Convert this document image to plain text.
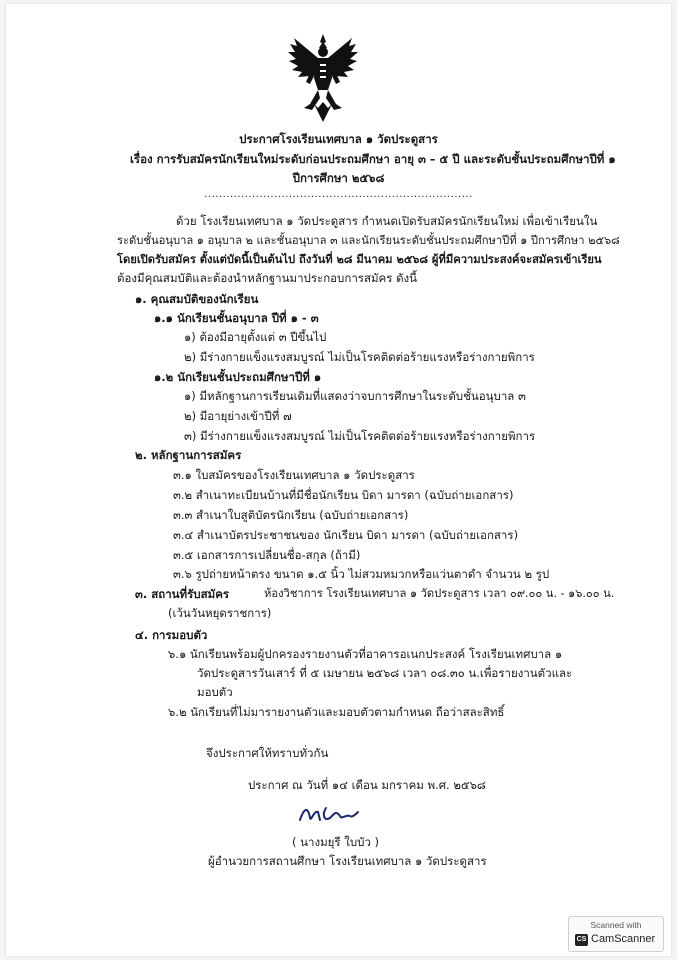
ประกาศโรงเรียนเทศบาล ๑ วัดประดูสาร
เรื่อง การรับสมัครนักเรียนใหม่ระดับก่อนประถมศึกษา อายุ ๓ – ๕ ปี และระดับชั้นประถมศึกษาปีที่ ๑
ปีการศึกษา ๒๕๖๘
.........................................................................
ด้วย โรงเรียนเทศบาล ๑ วัดประดูสาร กำหนดเปิดรับสมัครนักเรียนใหม่ เพื่อเข้าเรียนใน
ระดับชั้นอนุบาล ๑ อนุบาล ๒ และชั้นอนุบาล ๓ และนักเรียนระดับชั้นประถมศึกษาปีที่ ๑ ปีการศึกษา ๒๕๖๘
โดยเปิดรับสมัคร ตั้งแต่บัดนี้เป็นต้นไป ถึงวันที่ ๒๘ มีนาคม ๒๕๖๘ ผู้ที่มีความประสงค์จะสมัครเข้าเรียน
ต้องมีคุณสมบัติและต้องนำหลักฐานมาประกอบการสมัคร ดังนี้
๑. คุณสมบัติของนักเรียน
๑.๑ นักเรียนชั้นอนุบาล ปีที่ ๑ - ๓
๑) ต้องมีอายุตั้งแต่ ๓ ปีขึ้นไป
๒) มีร่างกายแข็งแรงสมบูรณ์ ไม่เป็นโรคติดต่อร้ายแรงหรือร่างกายพิการ
๑.๒ นักเรียนชั้นประถมศึกษาปีที่ ๑
๑) มีหลักฐานการเรียนเดิมที่แสดงว่าจบการศึกษาในระดับชั้นอนุบาล ๓
๒) มีอายุย่างเข้าปีที่ ๗
๓) มีร่างกายแข็งแรงสมบูรณ์ ไม่เป็นโรคติดต่อร้ายแรงหรือร่างกายพิการ
๒. หลักฐานการสมัคร
๓.๑ ใบสมัครของโรงเรียนเทศบาล ๑ วัดประดูสาร
๓.๒ สำเนาทะเบียนบ้านที่มีชื่อนักเรียน บิดา มารดา (ฉบับถ่ายเอกสาร)
๓.๓ สำเนาใบสูติบัตรนักเรียน (ฉบับถ่ายเอกสาร)
๓.๔ สำเนาบัตรประชาชนของ นักเรียน บิดา มารดา (ฉบับถ่ายเอกสาร)
๓.๕ เอกสารการเปลี่ยนชื่อ-สกุล (ถ้ามี)
๓.๖ รูปถ่ายหน้าตรง ขนาด ๑.๕ นิ้ว ไม่สวมหมวกหรือแว่นตาดำ จำนวน ๒ รูป
๓. สถานที่รับสมัคร	ห้องวิชาการ โรงเรียนเทศบาล ๑ วัดประดูสาร เวลา ๐๙.๐๐ น. - ๑๖.๐๐ น.
(เว้นวันหยุดราชการ)
๔. การมอบตัว
๖.๑ นักเรียนพร้อมผู้ปกครองรายงานตัวที่อาคารอเนกประสงค์ โรงเรียนเทศบาล ๑
วัดประดูสารวันเสาร์ ที่ ๕ เมษายน ๒๕๖๘ เวลา ๐๘.๓๐ น.เพื่อรายงานตัวและ
มอบตัว
๖.๒ นักเรียนที่ไม่มารายงานตัวและมอบตัวตามกำหนด ถือว่าสละสิทธิ์
จึงประกาศให้ทราบทั่วกัน
ประกาศ ณ วันที่ ๑๔ เดือน มกราคม พ.ศ. ๒๕๖๘
( นางมยุรี ใบบัว )
ผู้อำนวยการสถานศึกษา โรงเรียนเทศบาล ๑ วัดประดูสาร
Scanned with
CS CamScanner
